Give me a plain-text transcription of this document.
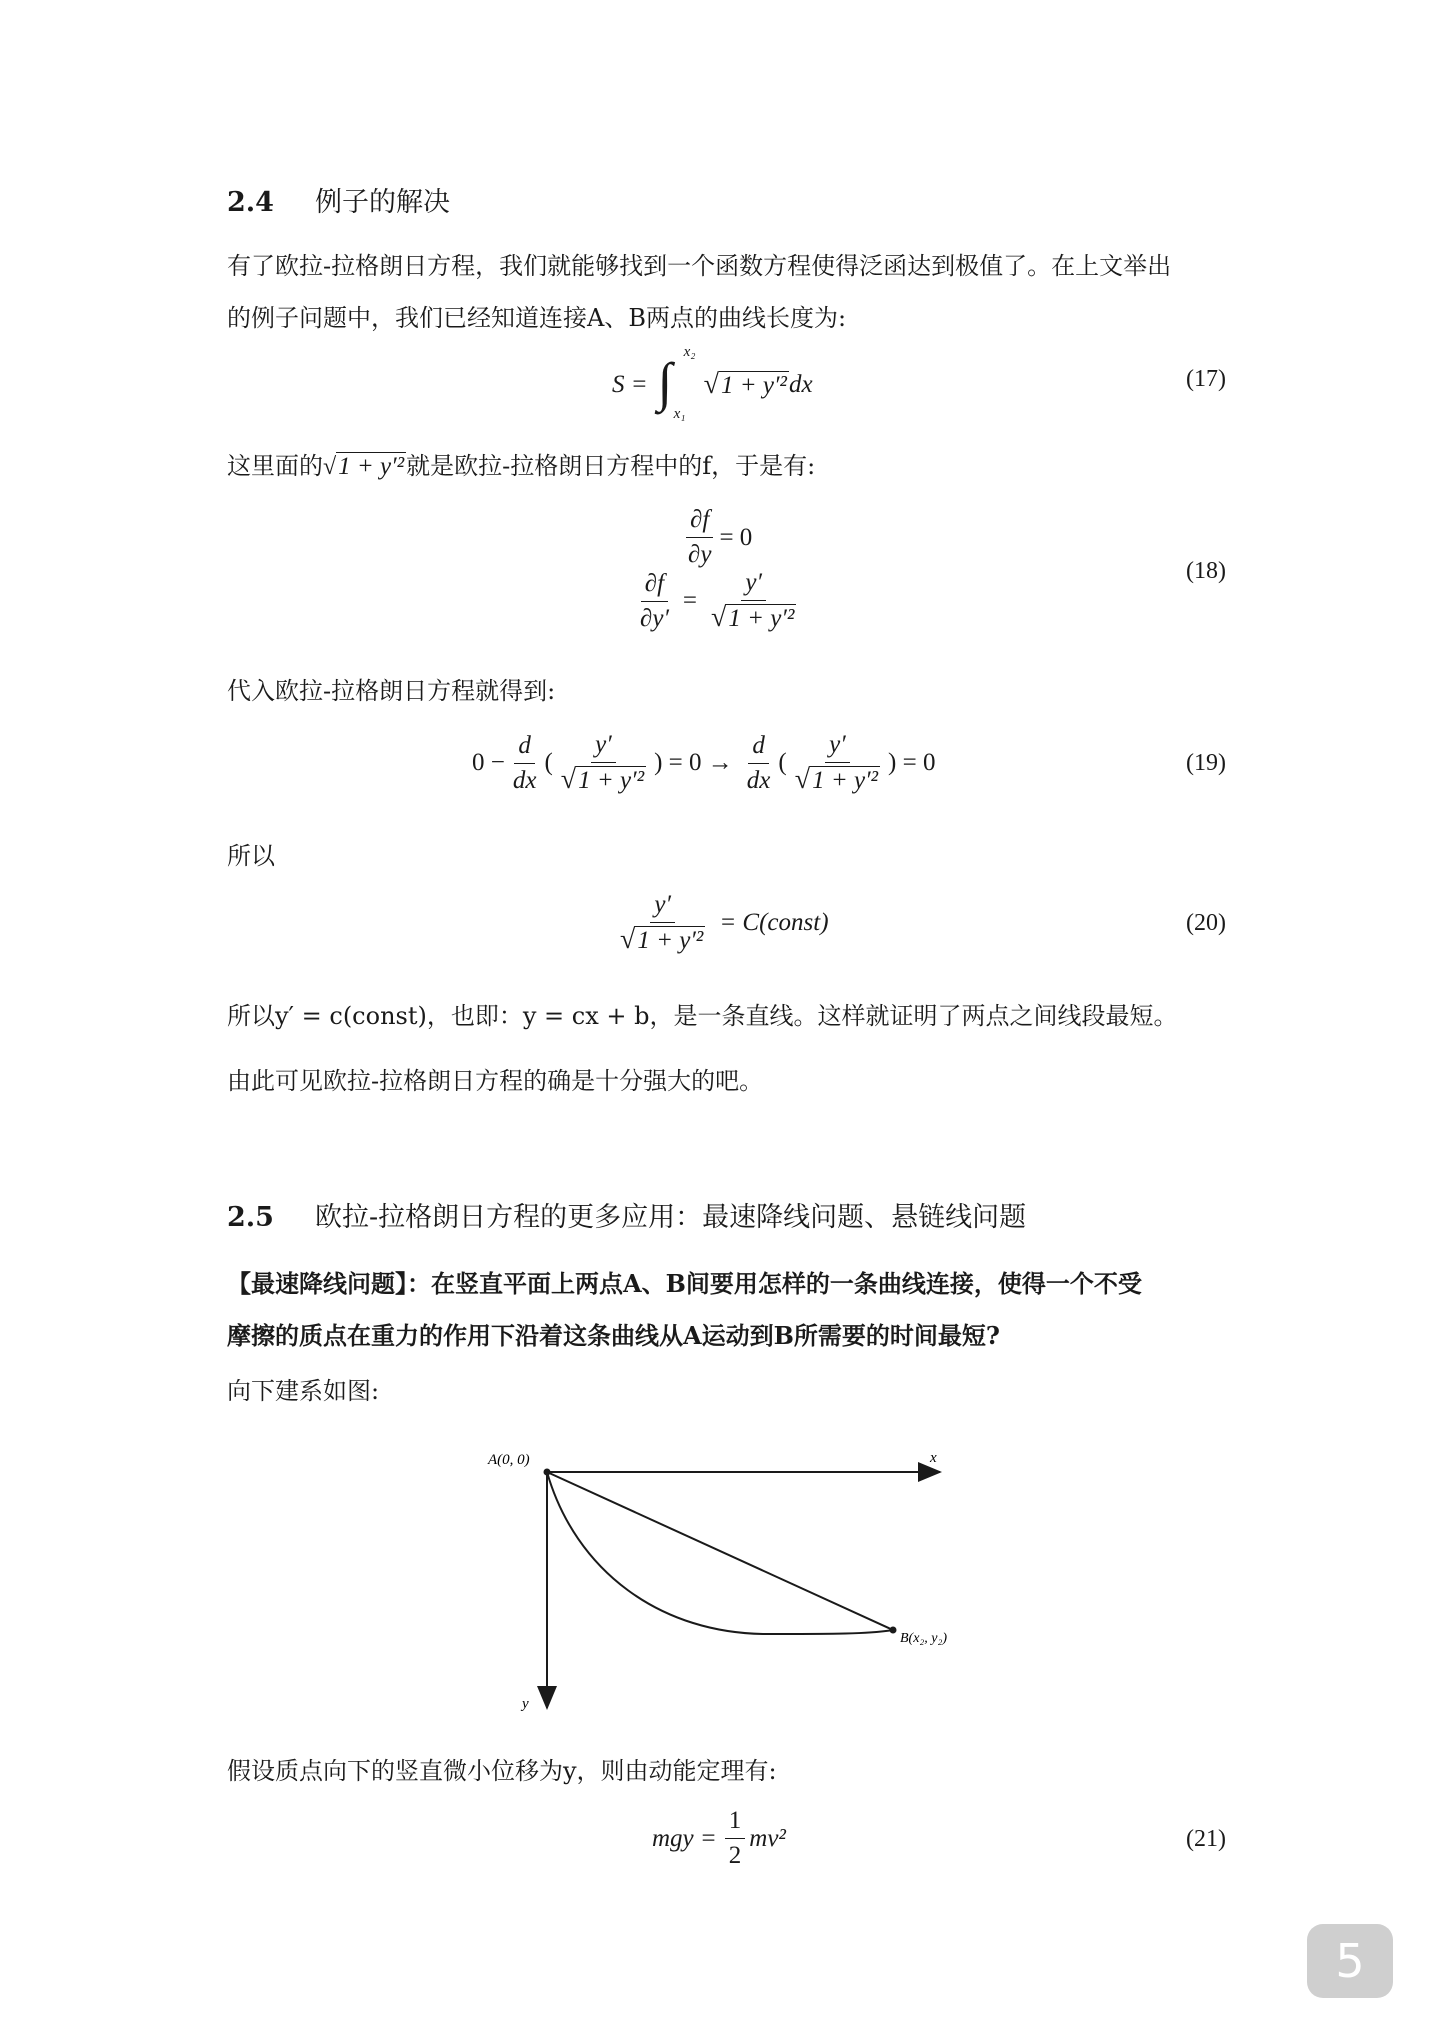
2.4 例子的解决
有了欧拉-拉格朗日方程，我们就能够找到一个函数方程使得泛函达到极值了。在上文举出
的例子问题中，我们已经知道连接A、B两点的曲线长度为:
S = ∫ x₂
x₁
√ 1 + y′² dx	(17)
这里面的√1 + y′²就是欧拉-拉格朗日方程中的f，于是有:
$\frac{\partial f}{\partial y} = 0$
$\frac{\partial f}{\partial y'} = \frac{y'}{\text{√1 + y′²}}$	(18)
代入欧拉-拉格朗日方程就得到:
$0 - \frac{d}{dx}$ ( $\frac{y'}{\text{√1 + y′²}}$ ) = $0 \to \frac{d}{dx}$ ( $\frac{y'}{\text{√1 + y′²}}$ ) = 0	(19)
所以
$\frac{y'}{\text{√1 + y′²}}$ = C(const)	(20)
所以y′ = c(const)，也即：y = cx + b，是一条直线。这样就证明了两点之间线段最短。
由此可见欧拉-拉格朗日方程的确是十分强大的吧。
2.5 欧拉-拉格朗日方程的更多应用：最速降线问题、悬链线问题
【最速降线问题】：在竖直平面上两点A、B间要用怎样的一条曲线连接，使得一个不受
摩擦的质点在重力的作用下沿着这条曲线从A运动到B所需要的时间最短?
向下建系如图:
A(0, 0)	x
B(x₂, y₂)
y
假设质点向下的竖直微小位移为y，则由动能定理有:
mgy = $\frac{1}{2} mv^2$	(21)
5
